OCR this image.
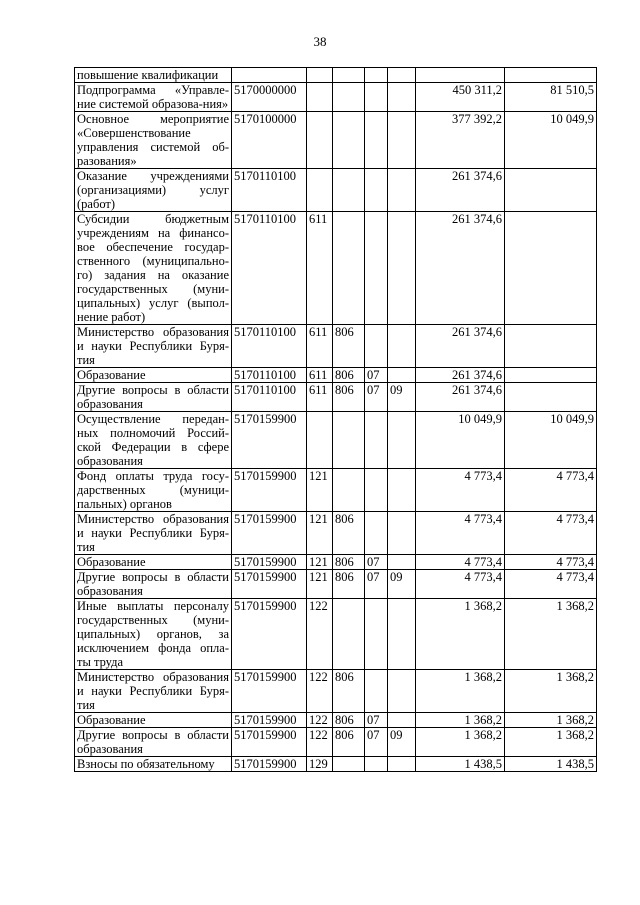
38
повышение квалификации							
Подпрограмма «Управле-ние системой образова-ния»	5170000000					450 311,2	81 510,5
Основное мероприятие «Совершенствование управления системой об-разования»	5170100000					377 392,2	10 049,9
Оказание учреждениями (организациями) услуг (работ)	5170110100					261 374,6	
Субсидии бюджетным учреждениям на финансо-вое обеспечение государ-ственного (муниципально-го) задания на оказание государственных (муни-ципальных) услуг (выпол-нение работ)	5170110100	611				261 374,6	
Министерство образования и науки Республики Буря-тия	5170110100	611	806			261 374,6	
Образование	5170110100	611	806	07		261 374,6	
Другие вопросы в области образования	5170110100	611	806	07	09	261 374,6	
Осуществление передан-ных полномочий Россий-ской Федерации в сфере образования	5170159900					10 049,9	10 049,9
Фонд оплаты труда госу-дарственных (муници-пальных) органов	5170159900	121				4 773,4	4 773,4
Министерство образования и науки Республики Буря-тия	5170159900	121	806			4 773,4	4 773,4
Образование	5170159900	121	806	07		4 773,4	4 773,4
Другие вопросы в области образования	5170159900	121	806	07	09	4 773,4	4 773,4
Иные выплаты персоналу государственных (муни-ципальных) органов, за исключением фонда опла-ты труда	5170159900	122				1 368,2	1 368,2
Министерство образования и науки Республики Буря-тия	5170159900	122	806			1 368,2	1 368,2
Образование	5170159900	122	806	07		1 368,2	1 368,2
Другие вопросы в области образования	5170159900	122	806	07	09	1 368,2	1 368,2
Взносы по обязательному	5170159900	129				1 438,5	1 438,5
